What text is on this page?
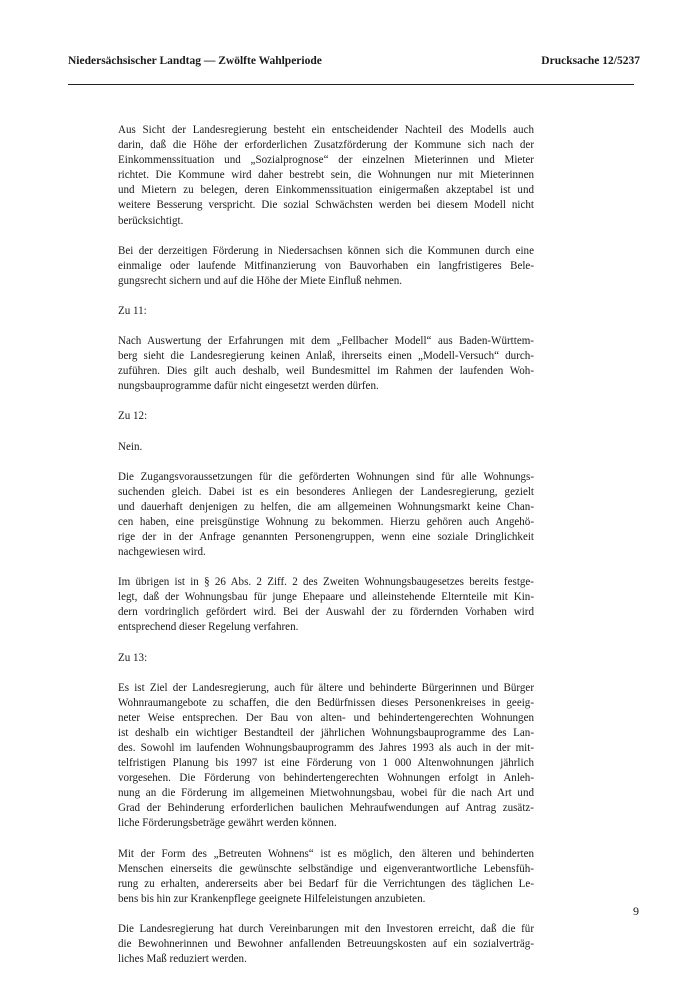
Niedersächsischer Landtag — Zwölfte Wahlperiode	Drucksache 12/5237
Aus Sicht der Landesregierung besteht ein entscheidender Nachteil des Modells auch
darin, daß die Höhe der erforderlichen Zusatzförderung der Kommune sich nach der
Einkommenssituation und „Sozialprognose“ der einzelnen Mieterinnen und Mieter
richtet. Die Kommune wird daher bestrebt sein, die Wohnungen nur mit Mieterinnen
und Mietern zu belegen, deren Einkommenssituation einigermaßen akzeptabel ist und
weitere Besserung verspricht. Die sozial Schwächsten werden bei diesem Modell nicht
berücksichtigt.
Bei der derzeitigen Förderung in Niedersachsen können sich die Kommunen durch eine
einmalige oder laufende Mitfinanzierung von Bauvorhaben ein langfristigeres Bele-
gungsrecht sichern und auf die Höhe der Miete Einfluß nehmen.
Zu 11:
Nach Auswertung der Erfahrungen mit dem „Fellbacher Modell“ aus Baden-Württem-
berg sieht die Landesregierung keinen Anlaß, ihrerseits einen „Modell-Versuch“ durch-
zuführen. Dies gilt auch deshalb, weil Bundesmittel im Rahmen der laufenden Woh-
nungsbauprogramme dafür nicht eingesetzt werden dürfen.
Zu 12:
Nein.
Die Zugangsvoraussetzungen für die geförderten Wohnungen sind für alle Wohnungs-
suchenden gleich. Dabei ist es ein besonderes Anliegen der Landesregierung, gezielt
und dauerhaft denjenigen zu helfen, die am allgemeinen Wohnungsmarkt keine Chan-
cen haben, eine preisgünstige Wohnung zu bekommen. Hierzu gehören auch Angehö-
rige der in der Anfrage genannten Personengruppen, wenn eine soziale Dringlichkeit
nachgewiesen wird.
Im übrigen ist in § 26 Abs. 2 Ziff. 2 des Zweiten Wohnungsbaugesetzes bereits festge-
legt, daß der Wohnungsbau für junge Ehepaare und alleinstehende Elternteile mit Kin-
dern vordringlich gefördert wird. Bei der Auswahl der zu fördernden Vorhaben wird
entsprechend dieser Regelung verfahren.
Zu 13:
Es ist Ziel der Landesregierung, auch für ältere und behinderte Bürgerinnen und Bürger
Wohnraumangebote zu schaffen, die den Bedürfnissen dieses Personenkreises in geeig-
neter Weise entsprechen. Der Bau von alten- und behindertengerechten Wohnungen
ist deshalb ein wichtiger Bestandteil der jährlichen Wohnungsbauprogramme des Lan-
des. Sowohl im laufenden Wohnungsbauprogramm des Jahres 1993 als auch in der mit-
telfristigen Planung bis 1997 ist eine Förderung von 1 000 Altenwohnungen jährlich
vorgesehen. Die Förderung von behindertengerechten Wohnungen erfolgt in Anleh-
nung an die Förderung im allgemeinen Mietwohnungsbau, wobei für die nach Art und
Grad der Behinderung erforderlichen baulichen Mehraufwendungen auf Antrag zusätz-
liche Förderungsbeträge gewährt werden können.
Mit der Form des „Betreuten Wohnens“ ist es möglich, den älteren und behinderten
Menschen einerseits die gewünschte selbständige und eigenverantwortliche Lebensfüh-
rung zu erhalten, andererseits aber bei Bedarf für die Verrichtungen des täglichen Le-
bens bis hin zur Krankenpflege geeignete Hilfeleistungen anzubieten.
Die Landesregierung hat durch Vereinbarungen mit den Investoren erreicht, daß die für
die Bewohnerinnen und Bewohner anfallenden Betreuungskosten auf ein sozialverträg-
liches Maß reduziert werden.
9
